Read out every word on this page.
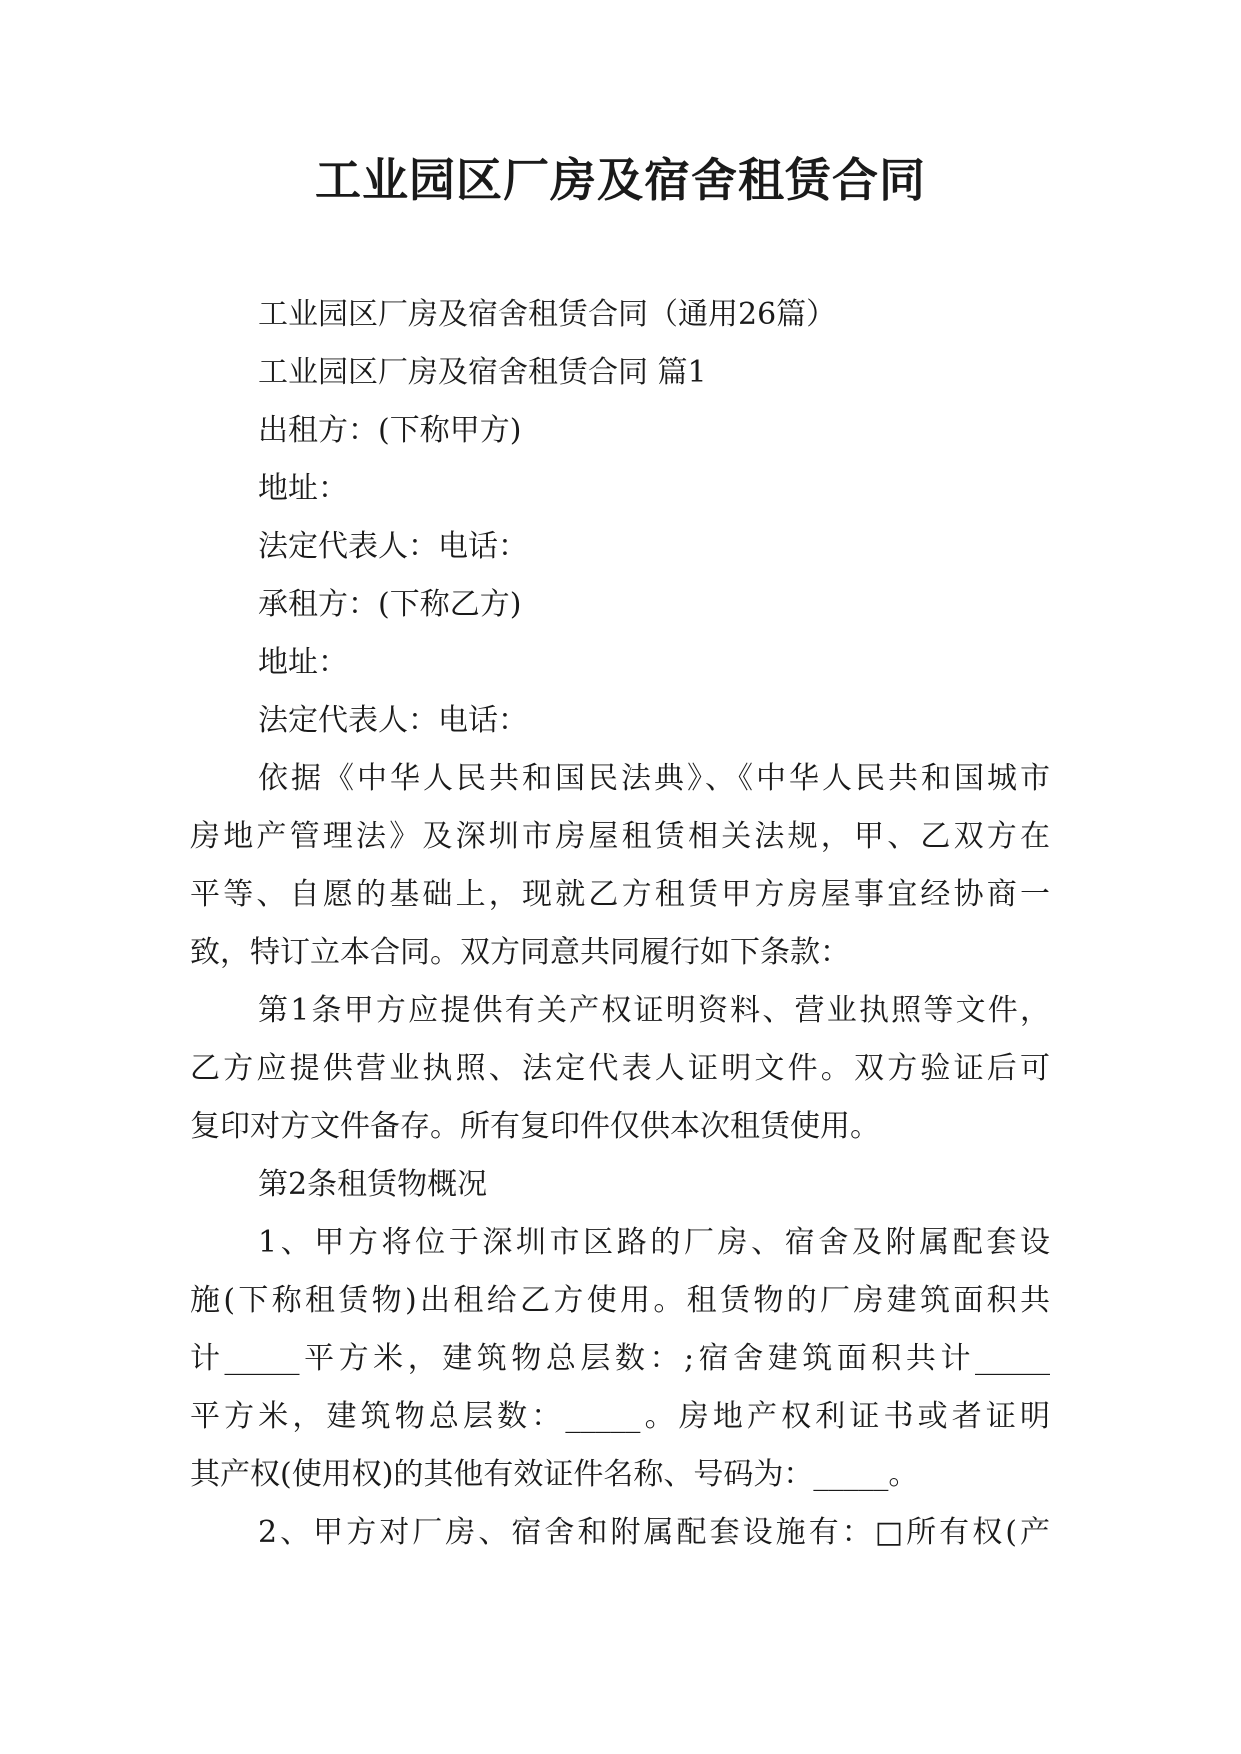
工业园区厂房及宿舍租赁合同

工业园区厂房及宿舍租赁合同（通用26篇）

工业园区厂房及宿舍租赁合同 篇1

出租方：(下称甲方)

地址：

法定代表人：电话：

承租方：(下称乙方)

地址：

法定代表人：电话：

依据《中华人民共和国民法典》、《中华人民共和国城市

房地产管理法》及深圳市房屋租赁相关法规，甲、乙双方在

平等、自愿的基础上，现就乙方租赁甲方房屋事宜经协商一

致，特订立本合同。双方同意共同履行如下条款：

第1条甲方应提供有关产权证明资料、营业执照等文件，

乙方应提供营业执照、法定代表人证明文件。双方验证后可

复印对方文件备存。所有复印件仅供本次租赁使用。

第2条租赁物概况

1、甲方将位于深圳市区路的厂房、宿舍及附属配套设

施(下称租赁物)出租给乙方使用。租赁物的厂房建筑面积共

计_____平方米，建筑物总层数：;宿舍建筑面积共计_____

平方米，建筑物总层数：_____。房地产权利证书或者证明

其产权(使用权)的其他有效证件名称、号码为：_____。

2、甲方对厂房、宿舍和附属配套设施有：□所有权(产
